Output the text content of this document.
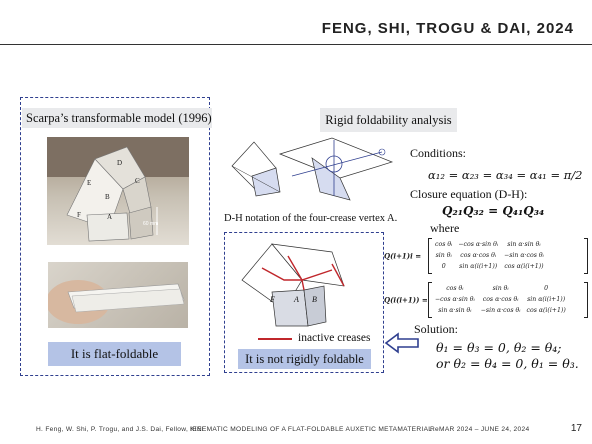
FENG, SHI, TROGU & DAI, 2024
Scarpa’s transformable model (1996)
D
E
B
C
F	A
60 mm
It is flat-foldable
Rigid foldability analysis
D-H notation of the four-crease vertex A.
F A B
inactive creases
It is not rigidly foldable
Conditions:
α₁₂ = α₂₃ = α₃₄ = α₄₁ = π/2
Closure equation (D-H):
Q₂₁Q₃₂ = Q₄₁Q₃₄
where
Q(i+1)i =
cos θᵢ	−cos α·sin θᵢ	sin α·sin θᵢ
sin θᵢ	cos α·cos θᵢ	−sin α·cos θᵢ
0	sin α(i(i+1))	cos α(i(i+1))
Q(i(i+1)) =
cos θᵢ	sin θᵢ	0
−cos α·sin θᵢ	cos α·cos θᵢ	sin α(i(i+1))
sin α·sin θᵢ	−sin α·cos θᵢ	cos α(i(i+1))
Solution:
θ₁ = θ₃ = 0, θ₂ = θ₄;
or θ₂ = θ₄ = 0, θ₁ = θ₃.
H. Feng, W. Shi, P. Trogu, and J.S. Dai, Fellow, IEEE
KINEMATIC MODELING OF A FLAT-FOLDABLE AUXETIC METAMATERIAL
ReMAR 2024 – JUNE 24, 2024	17
